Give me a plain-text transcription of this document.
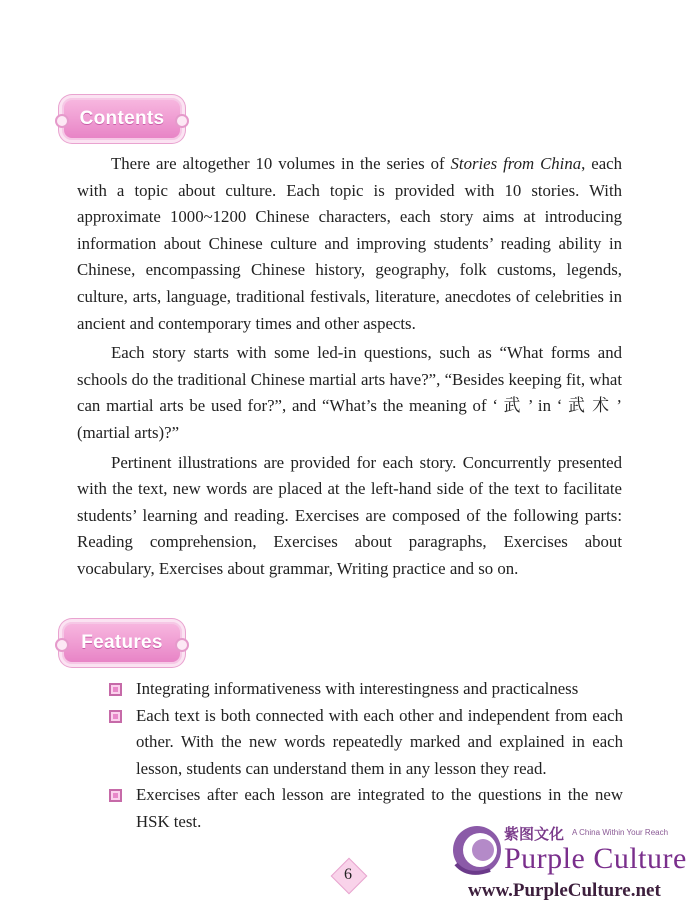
Contents

There are altogether 10 volumes in the series of Stories from China, each with a topic about culture. Each topic is provided with 10 stories. With approximate 1000~1200 Chinese characters, each story aims at introducing information about Chinese culture and improving students’ reading ability in Chinese, encompassing Chinese history, geography, folk customs, legends, culture, arts, language, traditional festivals, literature, anecdotes of celebrities in ancient and contemporary times and other aspects.

Each story starts with some led-in questions, such as “What forms and schools do the traditional Chinese martial arts have?”, “Besides keeping fit, what can martial arts be used for?”, and “What’s the meaning of ‘ 武 ’ in ‘ 武 术 ’ (martial arts)?”

Pertinent illustrations are provided for each story. Concurrently presented with the text, new words are placed at the left-hand side of the text to facilitate students’ learning and reading. Exercises are composed of the following parts: Reading comprehension, Exercises about paragraphs, Exercises about vocabulary, Exercises about grammar, Writing practice and so on.

Features
Integrating informativeness with interestingness and practicalness
Each text is both connected with each other and independent from each other. With the new words repeatedly marked and explained in each lesson, students can understand them in any lesson they read.
Exercises after each lesson are integrated to the questions in the new HSK test.
6
紫图文化 A China Within Your Reach
Purple Culture
www.PurpleCulture.net
